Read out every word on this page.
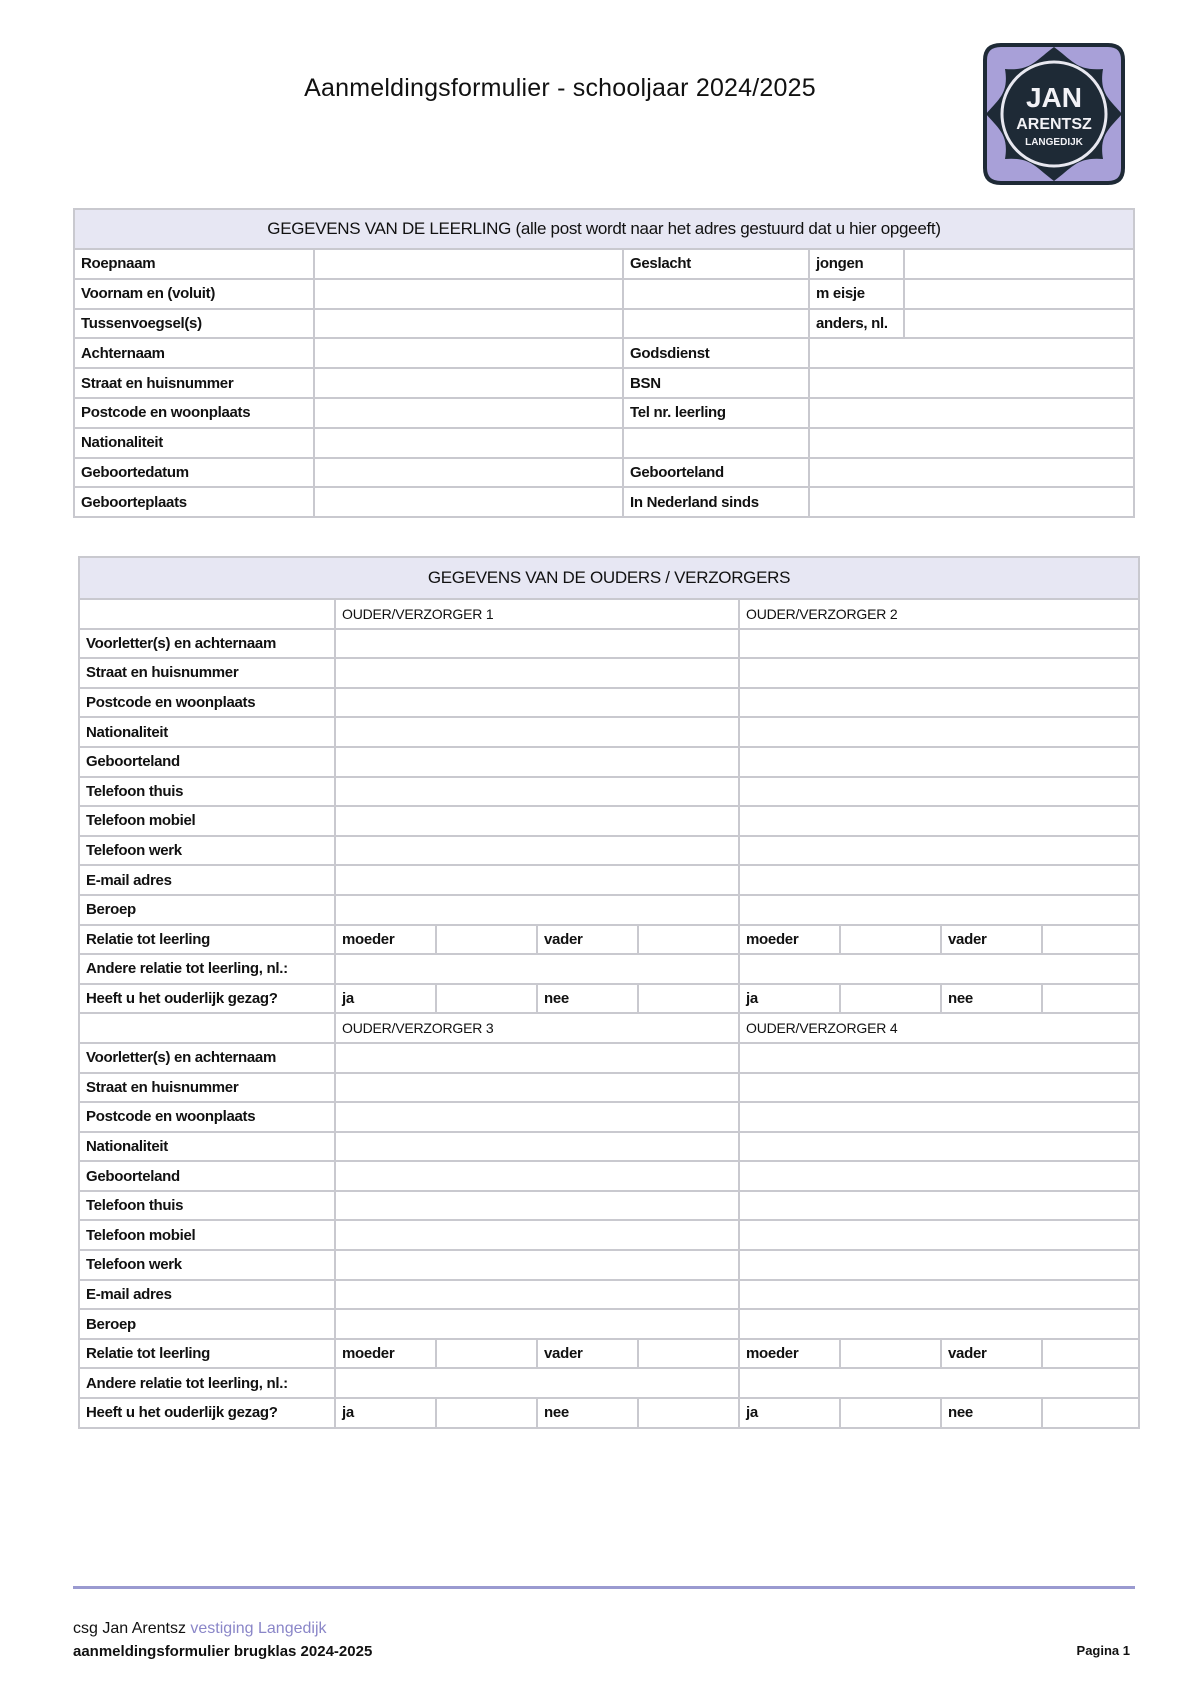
Aanmeldingsformulier - schooljaar 2024/2025	JAN
ARENTSZ
LANGEDIJK
GEGEVENS VAN DE LEERLING (alle post wordt naar het adres gestuurd dat u hier opgeeft)				
Roepnaam		Geslacht	jongen	
Voornam en (voluit)			m eisje	
Tussenvoegsel(s)			anders, nl.	
Achternaam		Godsdienst		
Straat en huisnummer		BSN		
Postcode en woonplaats		Tel nr. leerling		
Nationaliteit				
Geboortedatum		Geboorteland		
Geboorteplaats		In Nederland sinds		
GEGEVENS VAN DE OUDERS / VERZORGERS								
	OUDER/VERZORGER 1				OUDER/VERZORGER 2			
Voorletter(s) en achternaam								
Straat en huisnummer								
Postcode en woonplaats								
Nationaliteit								
Geboorteland								
Telefoon thuis								
Telefoon mobiel								
Telefoon werk								
E-mail adres								
Beroep								
Relatie tot leerling	moeder		vader		moeder		vader	
Andere relatie tot leerling, nl.:								
Heeft u het ouderlijk gezag?	ja		nee		ja		nee	
	OUDER/VERZORGER 3				OUDER/VERZORGER 4			
Voorletter(s) en achternaam								
Straat en huisnummer								
Postcode en woonplaats								
Nationaliteit								
Geboorteland								
Telefoon thuis								
Telefoon mobiel								
Telefoon werk								
E-mail adres								
Beroep								
Relatie tot leerling	moeder		vader		moeder		vader	
Andere relatie tot leerling, nl.:								
Heeft u het ouderlijk gezag?	ja		nee		ja		nee	
csg Jan Arentsz vestiging Langedijk
aanmeldingsformulier brugklas 2024-2025	Pagina 1
